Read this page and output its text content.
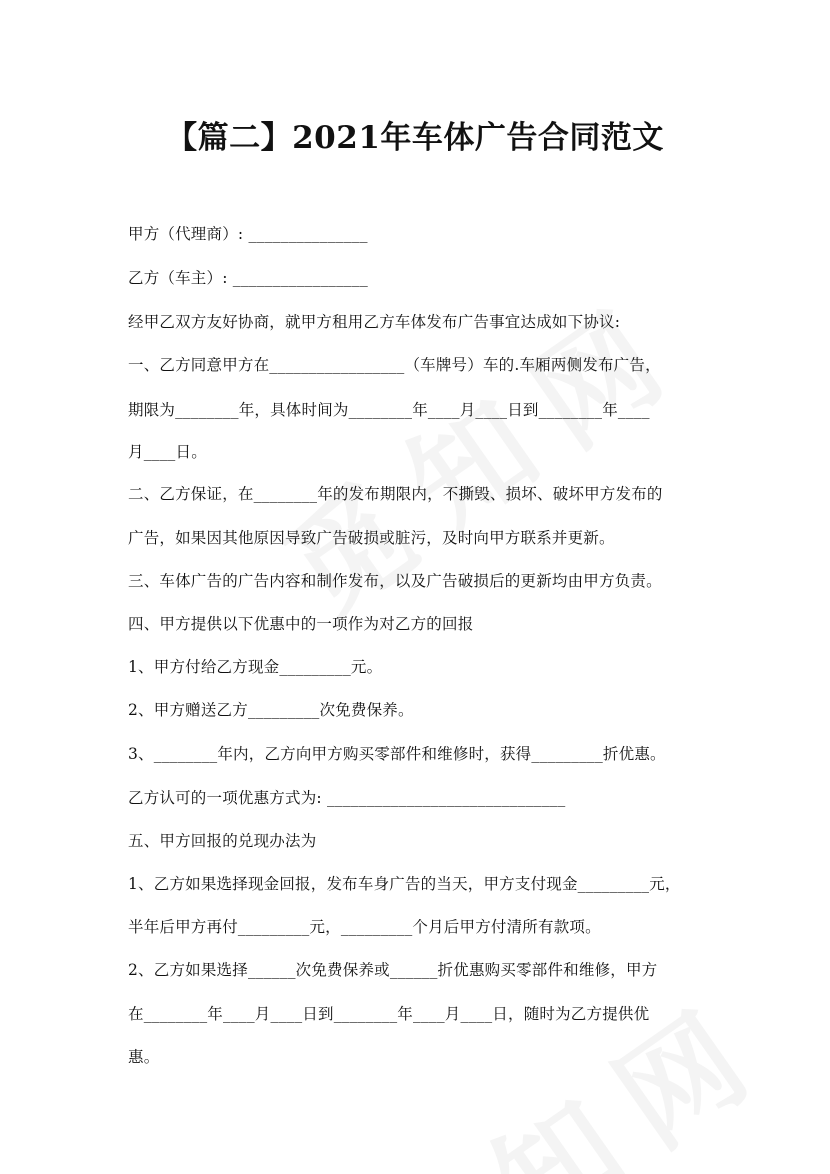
【篇二】2021年车体广告合同范文
甲方（代理商）: _______________
乙方（车主）: _________________
经甲乙双方友好协商，就甲方租用乙方车体发布广告事宜达成如下协议:
一、乙方同意甲方在_________________（车牌号）车的.车厢两侧发布广告，
期限为________年，具体时间为________年____月____日到________年____
月____日。
二、乙方保证，在________年的发布期限内，不撕毁、损坏、破坏甲方发布的
广告，如果因其他原因导致广告破损或脏污，及时向甲方联系并更新。
三、车体广告的广告内容和制作发布，以及广告破损后的更新均由甲方负责。
四、甲方提供以下优惠中的一项作为对乙方的回报
1、甲方付给乙方现金_________元。
2、甲方赠送乙方_________次免费保养。
3、________年内，乙方向甲方购买零部件和维修时，获得_________折优惠。
乙方认可的一项优惠方式为: ______________________________
五、甲方回报的兑现办法为
1、乙方如果选择现金回报，发布车身广告的当天，甲方支付现金_________元，
半年后甲方再付_________元，_________个月后甲方付清所有款项。
2、乙方如果选择______次免费保养或______折优惠购买零部件和维修，甲方
在________年____月____日到________年____月____日，随时为乙方提供优
惠。
